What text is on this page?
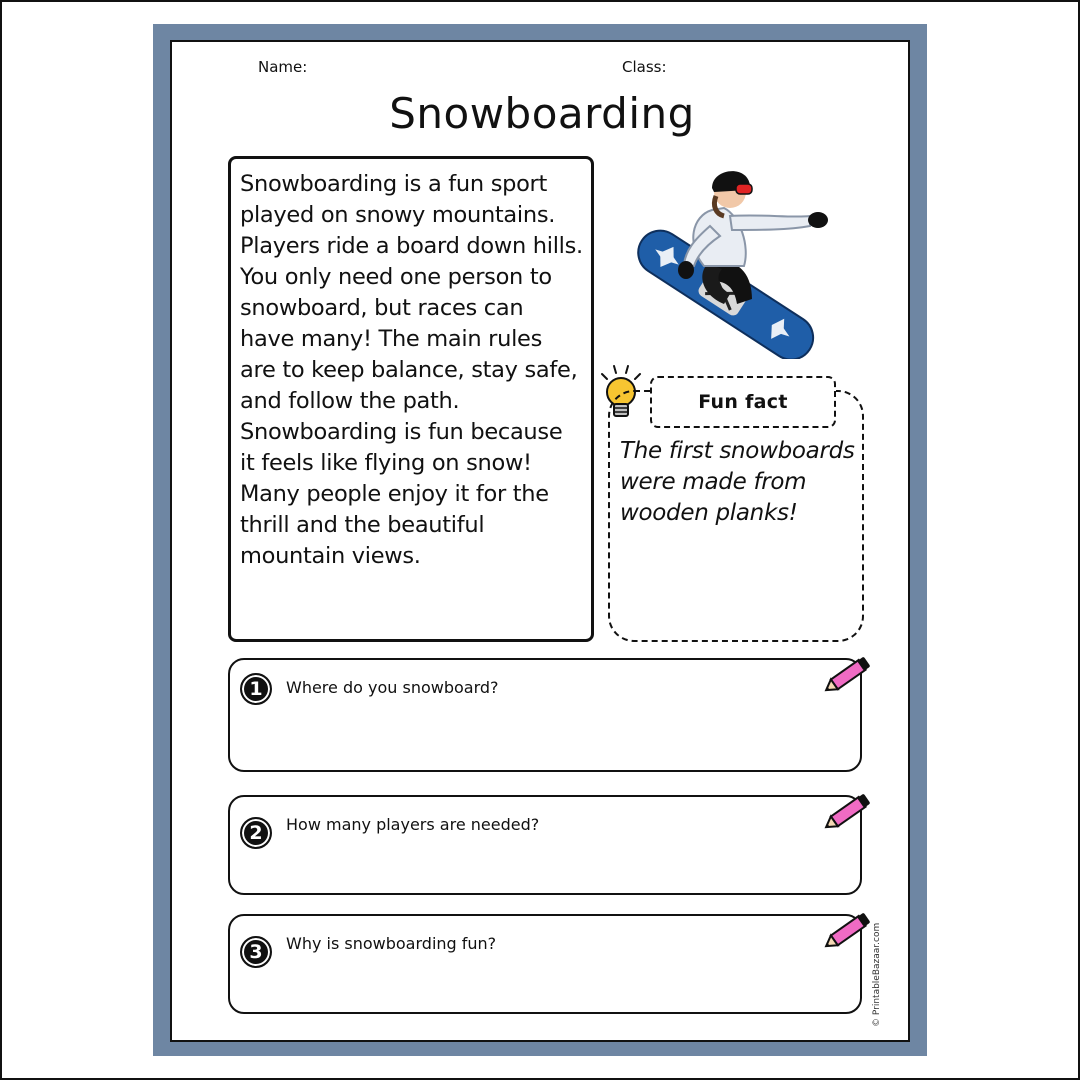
Name:	Class:
Snowboarding
Snowboarding is a fun sport played on snowy mountains. Players ride a board down hills. You only need one person to snowboard, but races can have many! The main rules are to keep balance, stay safe, and follow the path. Snowboarding is fun because it feels like flying on snow! Many people enjoy it for the thrill and the beautiful mountain views.
Fun fact
The first snowboards were made from wooden planks!
1	Where do you snowboard?
2	How many players are needed?
3	Why is snowboarding fun?	© PrintableBazaar.com
